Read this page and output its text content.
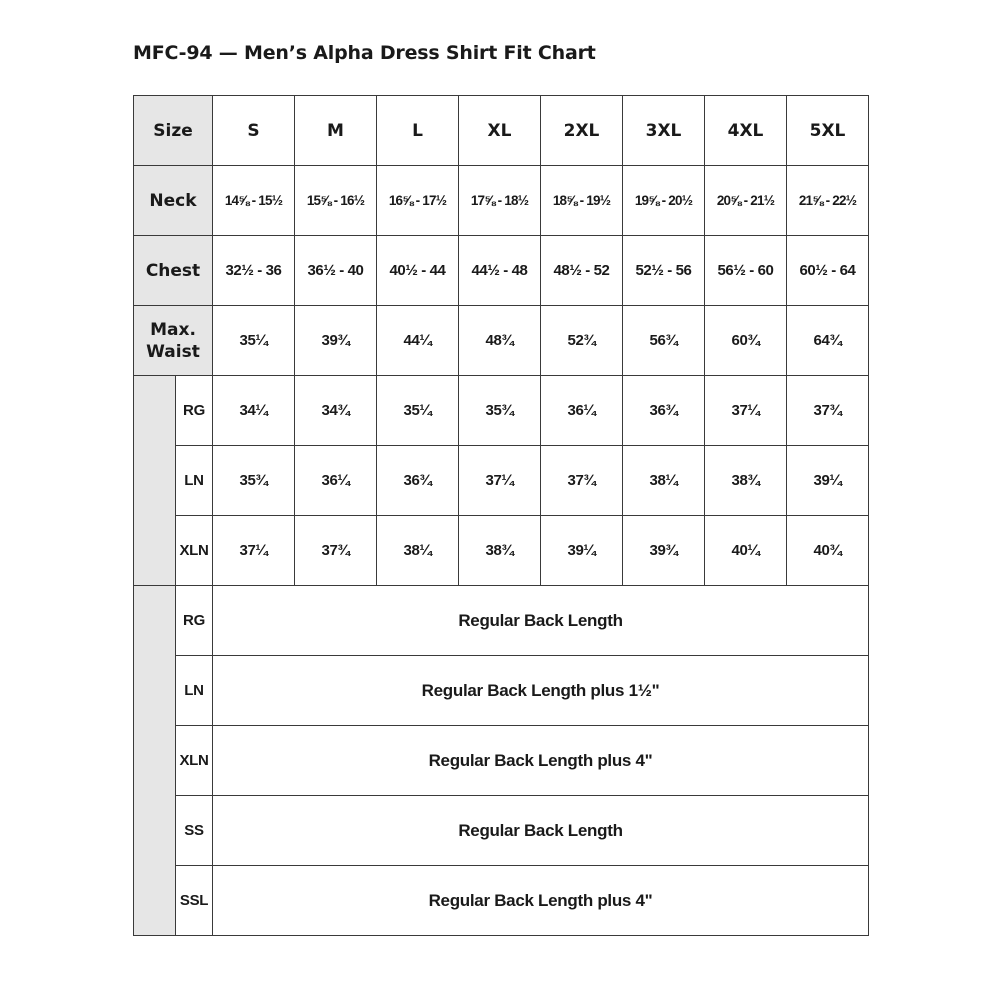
MFC-94 — Men’s Alpha Dress Shirt Fit Chart
Size		S	M	L	XL	2XL	3XL	4XL	5XL
Neck		14⅝ - 15½	15⅝ - 16½	16⅝ - 17½	17⅝ - 18½	18⅝ - 19½	19⅝ - 20½	20⅝ - 21½	21⅝ - 22½
Chest		32½ - 36	36½ - 40	40½ - 44	44½ - 48	48½ - 52	52½ - 56	56½ - 60	60½ - 64
Max.
Waist		35¼	39¾	44¼	48¾	52¾	56¾	60¾	64¾
	RG	34¼	34¾	35¼	35¾	36¼	36¾	37¼	37¾
	LN	35¾	36¼	36¾	37¼	37¾	38¼	38¾	39¼
	XLN	37¼	37¾	38¼	38¾	39¼	39¾	40¼	40¾
	RG	Regular Back Length							
	LN	Regular Back Length plus 1½"							
	XLN	Regular Back Length plus 4"							
	SS	Regular Back Length							
	SSL	Regular Back Length plus 4"							
